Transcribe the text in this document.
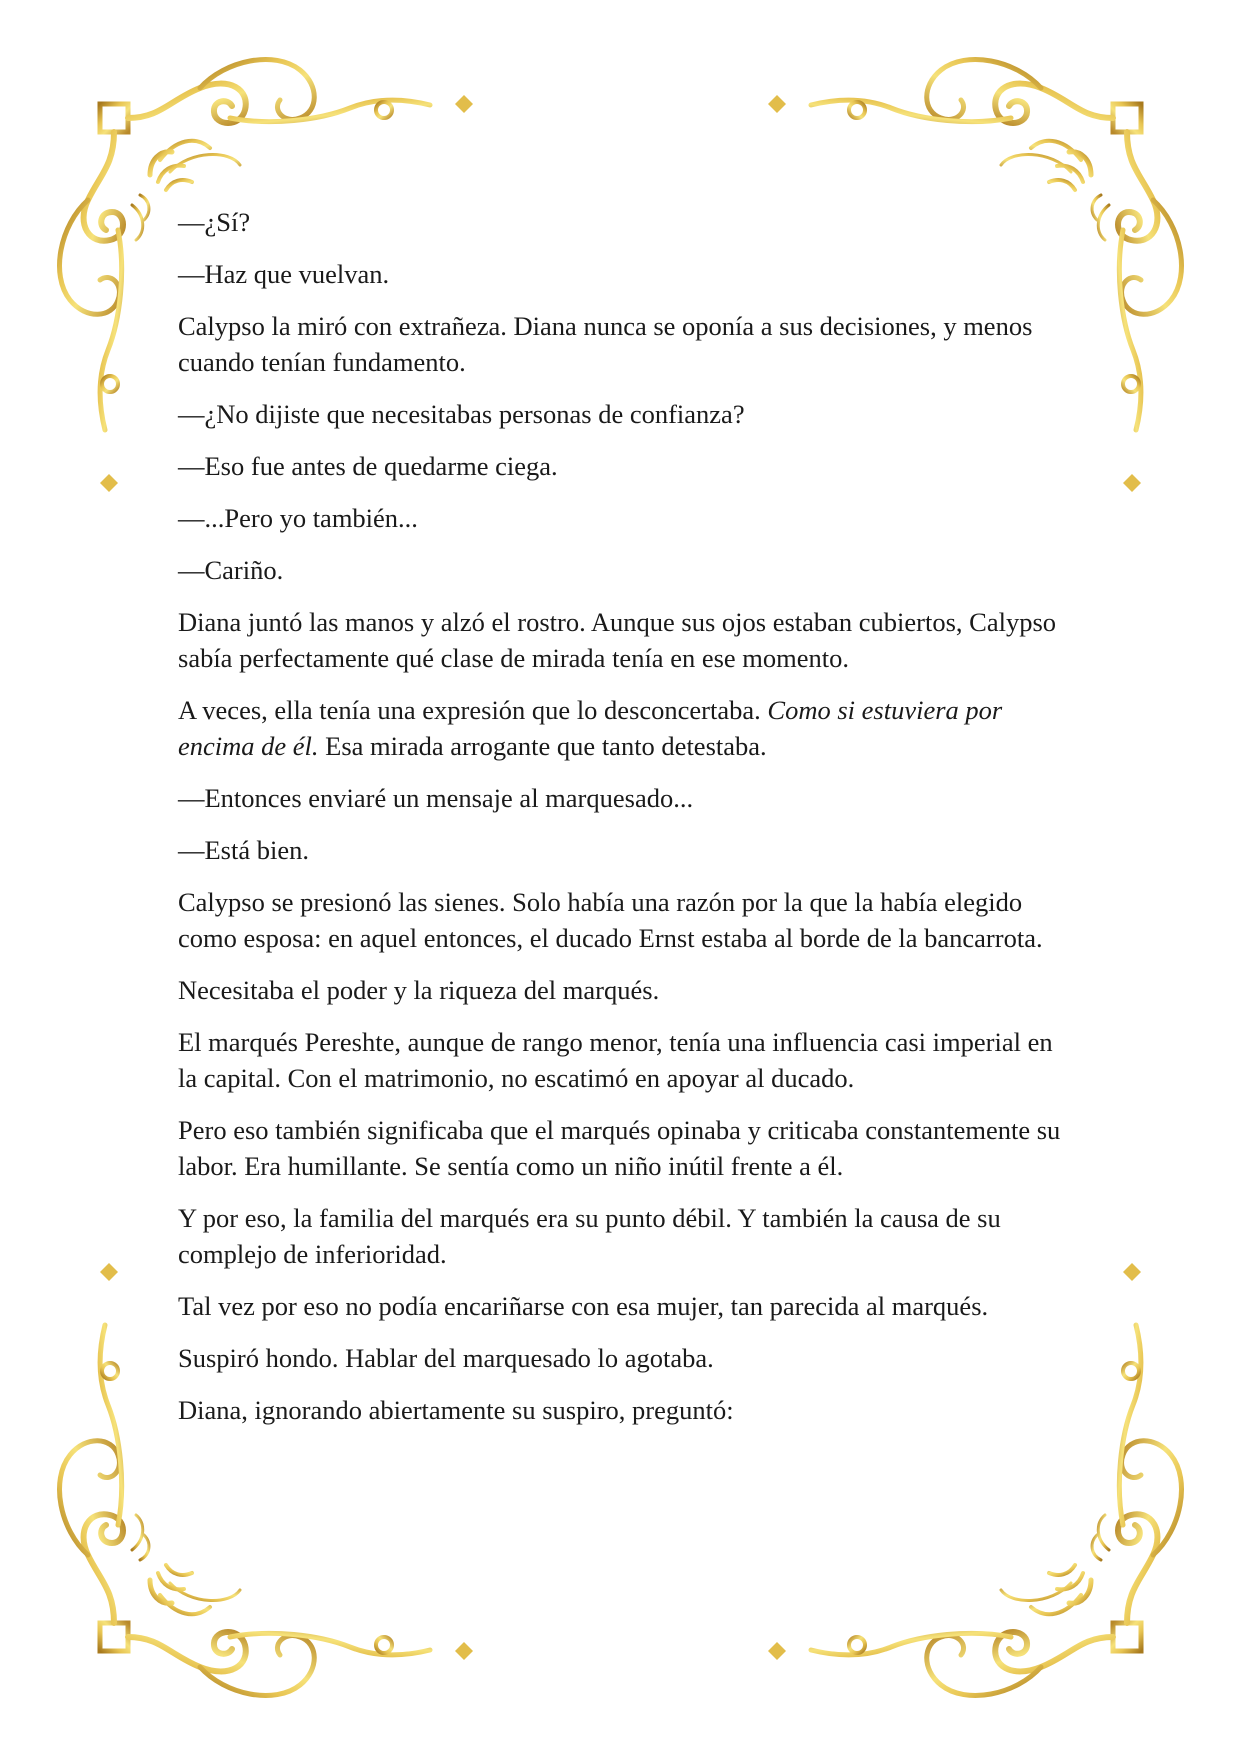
—¿Sí?

—Haz que vuelvan.

Calypso la miró con extrañeza. Diana nunca se oponía a sus decisiones, y menos cuando tenían fundamento.

—¿No dijiste que necesitabas personas de confianza?

—Eso fue antes de quedarme ciega.

—...Pero yo también...

—Cariño.

Diana juntó las manos y alzó el rostro. Aunque sus ojos estaban cubiertos, Calypso sabía perfectamente qué clase de mirada tenía en ese momento.

A veces, ella tenía una expresión que lo desconcertaba. Como si estuviera por encima de él. Esa mirada arrogante que tanto detestaba.

—Entonces enviaré un mensaje al marquesado...

—Está bien.

Calypso se presionó las sienes. Solo había una razón por la que la había elegido como esposa: en aquel entonces, el ducado Ernst estaba al borde de la bancarrota.

Necesitaba el poder y la riqueza del marqués.

El marqués Pereshte, aunque de rango menor, tenía una influencia casi imperial en la capital. Con el matrimonio, no escatimó en apoyar al ducado.

Pero eso también significaba que el marqués opinaba y criticaba constantemente su labor. Era humillante. Se sentía como un niño inútil frente a él.

Y por eso, la familia del marqués era su punto débil. Y también la causa de su complejo de inferioridad.

Tal vez por eso no podía encariñarse con esa mujer, tan parecida al marqués.

Suspiró hondo. Hablar del marquesado lo agotaba.

Diana, ignorando abiertamente su suspiro, preguntó:
